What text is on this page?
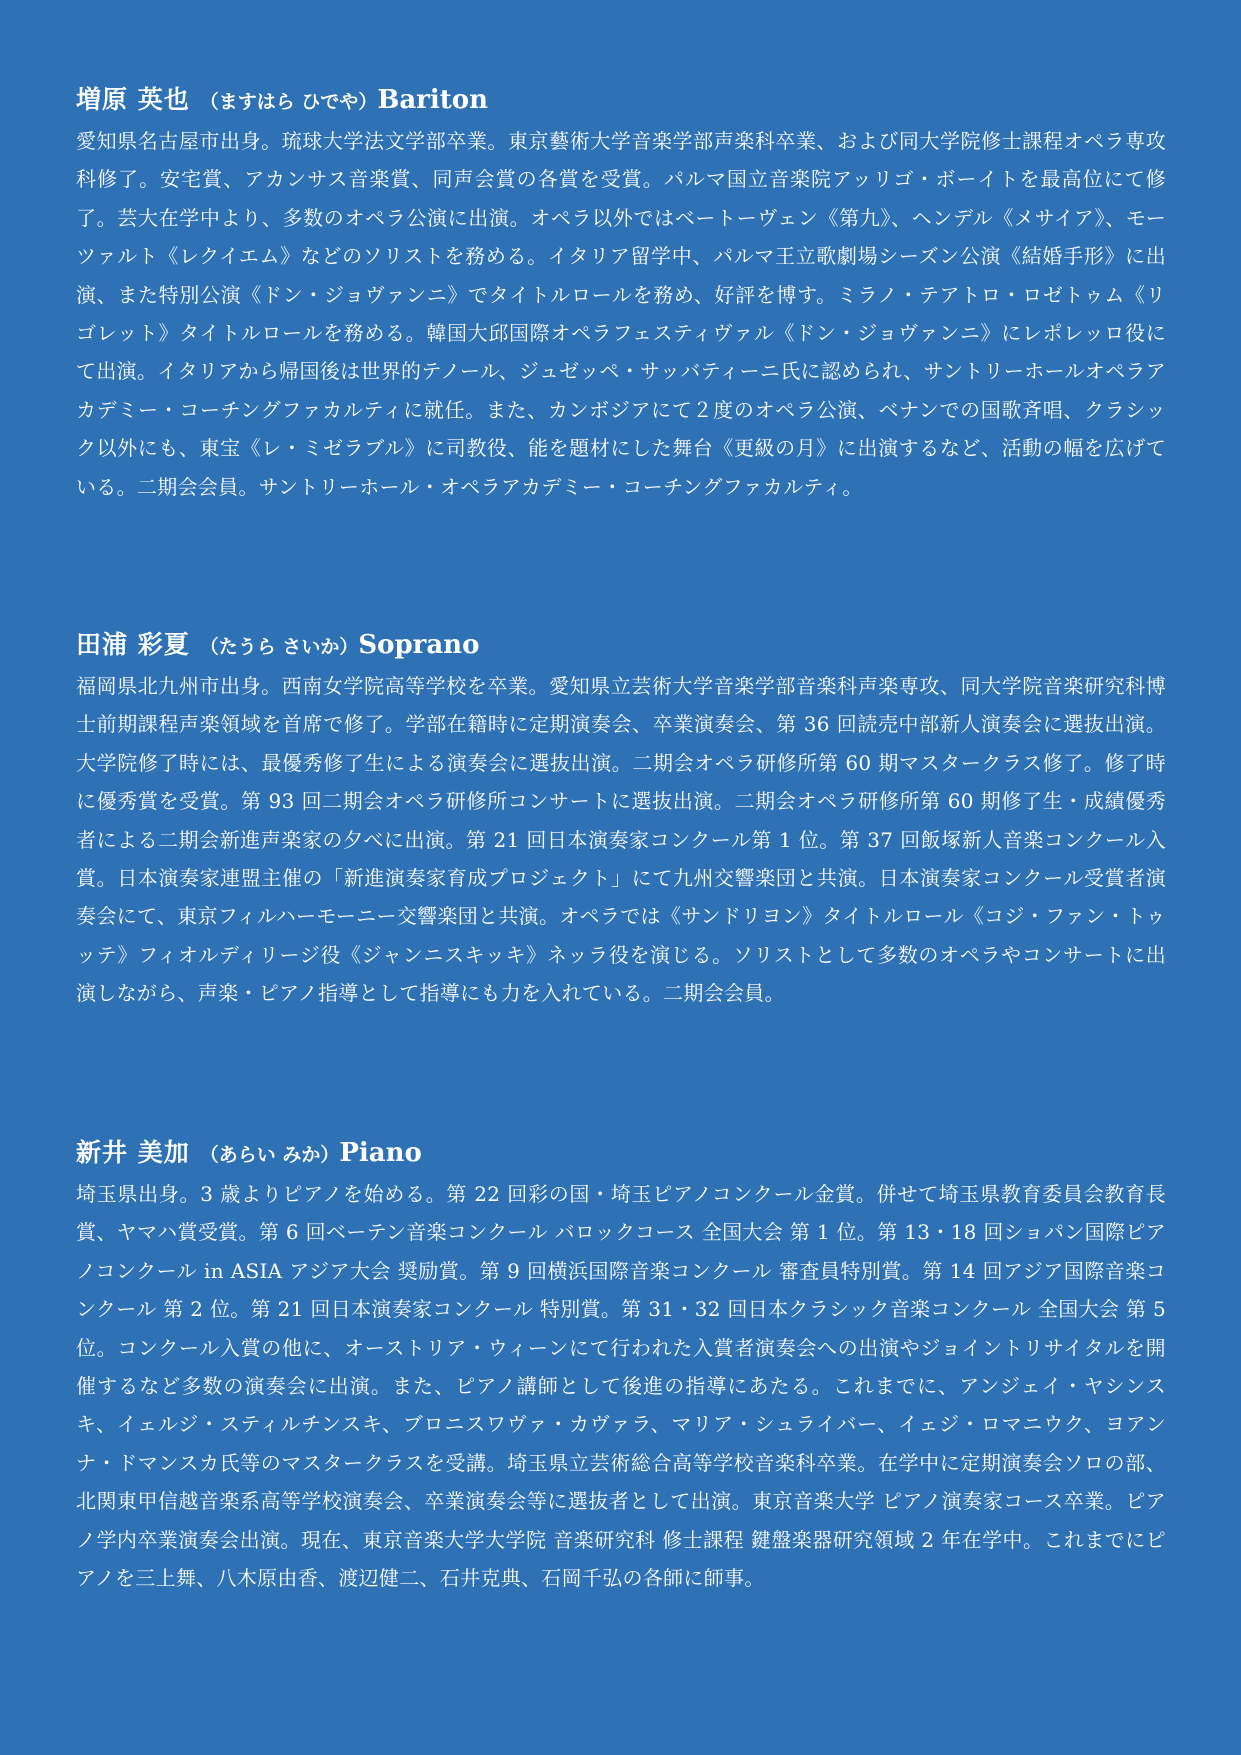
増原 英也 （ますはら ひでや）Bariton

愛知県名古屋市出身。琉球大学法文学部卒業。東京藝術大学音楽学部声楽科卒業、および同大学院修士課程オペラ専攻科修了。安宅賞、アカンサス音楽賞、同声会賞の各賞を受賞。パルマ国立音楽院アッリゴ・ボーイトを最高位にて修了。芸大在学中より、多数のオペラ公演に出演。オペラ以外ではベートーヴェン《第九》、ヘンデル《メサイア》、モーツァルト《レクイエム》などのソリストを務める。イタリア留学中、パルマ王立歌劇場シーズン公演《結婚手形》に出演、また特別公演《ドン・ジョヴァンニ》でタイトルロールを務め、好評を博す。ミラノ・テアトロ・ロゼトゥム《リゴレット》タイトルロールを務める。韓国大邱国際オペラフェスティヴァル《ドン・ジョヴァンニ》にレポレッロ役にて出演。イタリアから帰国後は世界的テノール、ジュゼッペ・サッバティーニ氏に認められ、サントリーホールオペラアカデミー・コーチングファカルティに就任。また、カンボジアにて２度のオペラ公演、ベナンでの国歌斉唱、クラシック以外にも、東宝《レ・ミゼラブル》に司教役、能を題材にした舞台《更級の月》に出演するなど、活動の幅を広げている。二期会会員。サントリーホール・オペラアカデミー・コーチングファカルティ。

田浦 彩夏 （たうら さいか）Soprano

福岡県北九州市出身。西南女学院高等学校を卒業。愛知県立芸術大学音楽学部音楽科声楽専攻、同大学院音楽研究科博士前期課程声楽領域を首席で修了。学部在籍時に定期演奏会、卒業演奏会、第 36 回読売中部新人演奏会に選抜出演。大学院修了時には、最優秀修了生による演奏会に選抜出演。二期会オペラ研修所第 60 期マスタークラス修了。修了時に優秀賞を受賞。第 93 回二期会オペラ研修所コンサートに選抜出演。二期会オペラ研修所第 60 期修了生・成績優秀者による二期会新進声楽家の夕べに出演。第 21 回日本演奏家コンクール第 1 位。第 37 回飯塚新人音楽コンクール入賞。日本演奏家連盟主催の「新進演奏家育成プロジェクト」にて九州交響楽団と共演。日本演奏家コンクール受賞者演奏会にて、東京フィルハーモーニー交響楽団と共演。オペラでは《サンドリヨン》タイトルロール《コジ・ファン・トゥッテ》フィオルディリージ役《ジャンニスキッキ》ネッラ役を演じる。ソリストとして多数のオペラやコンサートに出演しながら、声楽・ピアノ指導として指導にも力を入れている。二期会会員。

新井 美加 （あらい みか）Piano

埼玉県出身。3 歳よりピアノを始める。第 22 回彩の国・埼玉ピアノコンクール金賞。併せて埼玉県教育委員会教育長賞、ヤマハ賞受賞。第 6 回ベーテン音楽コンクール バロックコース 全国大会 第 1 位。第 13・18 回ショパン国際ピアノコンクール in ASIA アジア大会 奨励賞。第 9 回横浜国際音楽コンクール 審査員特別賞。第 14 回アジア国際音楽コンクール 第 2 位。第 21 回日本演奏家コンクール 特別賞。第 31・32 回日本クラシック音楽コンクール 全国大会 第 5 位。コンクール入賞の他に、オーストリア・ウィーンにて行われた入賞者演奏会への出演やジョイントリサイタルを開催するなど多数の演奏会に出演。また、ピアノ講師として後進の指導にあたる。これまでに、アンジェイ・ヤシンスキ、イェルジ・スティルチンスキ、ブロニスワヴァ・カヴァラ、マリア・シュライバー、イェジ・ロマニウク、ヨアンナ・ドマンスカ氏等のマスタークラスを受講。埼玉県立芸術総合高等学校音楽科卒業。在学中に定期演奏会ソロの部、北関東甲信越音楽系高等学校演奏会、卒業演奏会等に選抜者として出演。東京音楽大学 ピアノ演奏家コース卒業。ピアノ学内卒業演奏会出演。現在、東京音楽大学大学院 音楽研究科 修士課程 鍵盤楽器研究領域 2 年在学中。これまでにピアノを三上舞、八木原由香、渡辺健二、石井克典、石岡千弘の各師に師事。
